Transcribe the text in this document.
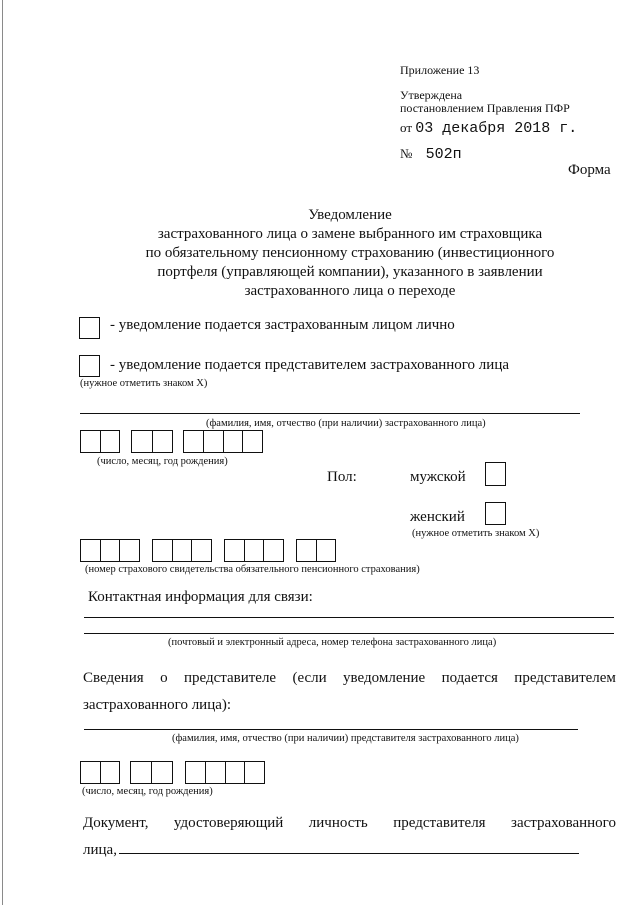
Приложение 13
Утверждена
постановлением Правления ПФР
от 03 декабря 2018 г.
№ 502п
Форма
Уведомление
застрахованного лица о замене выбранного им страховщика
по обязательному пенсионному страхованию (инвестиционного
портфеля (управляющей компании), указанного в заявлении
застрахованного лица о переходе
- уведомление подается застрахованным лицом лично
- уведомление подается представителем застрахованного лица
(нужное отметить знаком Х)
(фамилия, имя, отчество (при наличии) застрахованного лица)
(число, месяц, год рождения)
Пол:	мужской
женский
(нужное отметить знаком Х)
(номер страхового свидетельства обязательного пенсионного страхования)
Контактная информация для связи:
(почтовый и электронный адреса, номер телефона застрахованного лица)
Сведения о представителе (если уведомление подается представителем
застрахованного лица):
(фамилия, имя, отчество (при наличии) представителя застрахованного лица)
(число, месяц, год рождения)
Документ, удостоверяющий личность представителя застрахованного
лица,
